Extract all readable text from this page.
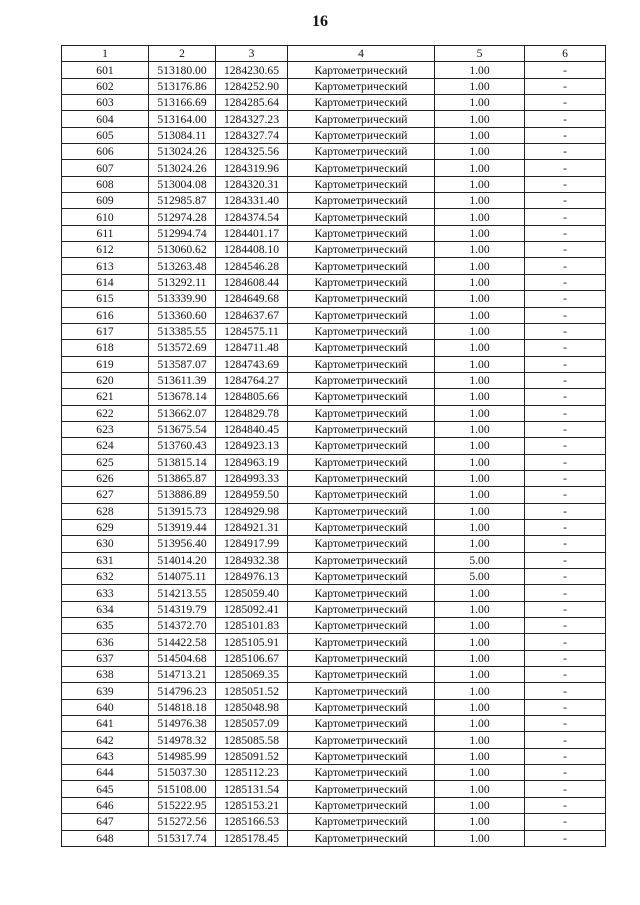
16
1	2	3	4	5	6
601	513180.00	1284230.65	Картометрический	1.00	-
602	513176.86	1284252.90	Картометрический	1.00	-
603	513166.69	1284285.64	Картометрический	1.00	-
604	513164.00	1284327.23	Картометрический	1.00	-
605	513084.11	1284327.74	Картометрический	1.00	-
606	513024.26	1284325.56	Картометрический	1.00	-
607	513024.26	1284319.96	Картометрический	1.00	-
608	513004.08	1284320.31	Картометрический	1.00	-
609	512985.87	1284331.40	Картометрический	1.00	-
610	512974.28	1284374.54	Картометрический	1.00	-
611	512994.74	1284401.17	Картометрический	1.00	-
612	513060.62	1284408.10	Картометрический	1.00	-
613	513263.48	1284546.28	Картометрический	1.00	-
614	513292.11	1284608.44	Картометрический	1.00	-
615	513339.90	1284649.68	Картометрический	1.00	-
616	513360.60	1284637.67	Картометрический	1.00	-
617	513385.55	1284575.11	Картометрический	1.00	-
618	513572.69	1284711.48	Картометрический	1.00	-
619	513587.07	1284743.69	Картометрический	1.00	-
620	513611.39	1284764.27	Картометрический	1.00	-
621	513678.14	1284805.66	Картометрический	1.00	-
622	513662.07	1284829.78	Картометрический	1.00	-
623	513675.54	1284840.45	Картометрический	1.00	-
624	513760.43	1284923.13	Картометрический	1.00	-
625	513815.14	1284963.19	Картометрический	1.00	-
626	513865.87	1284993.33	Картометрический	1.00	-
627	513886.89	1284959.50	Картометрический	1.00	-
628	513915.73	1284929.98	Картометрический	1.00	-
629	513919.44	1284921.31	Картометрический	1.00	-
630	513956.40	1284917.99	Картометрический	1.00	-
631	514014.20	1284932.38	Картометрический	5.00	-
632	514075.11	1284976.13	Картометрический	5.00	-
633	514213.55	1285059.40	Картометрический	1.00	-
634	514319.79	1285092.41	Картометрический	1.00	-
635	514372.70	1285101.83	Картометрический	1.00	-
636	514422.58	1285105.91	Картометрический	1.00	-
637	514504.68	1285106.67	Картометрический	1.00	-
638	514713.21	1285069.35	Картометрический	1.00	-
639	514796.23	1285051.52	Картометрический	1.00	-
640	514818.18	1285048.98	Картометрический	1.00	-
641	514976.38	1285057.09	Картометрический	1.00	-
642	514978.32	1285085.58	Картометрический	1.00	-
643	514985.99	1285091.52	Картометрический	1.00	-
644	515037.30	1285112.23	Картометрический	1.00	-
645	515108.00	1285131.54	Картометрический	1.00	-
646	515222.95	1285153.21	Картометрический	1.00	-
647	515272.56	1285166.53	Картометрический	1.00	-
648	515317.74	1285178.45	Картометрический	1.00	-
